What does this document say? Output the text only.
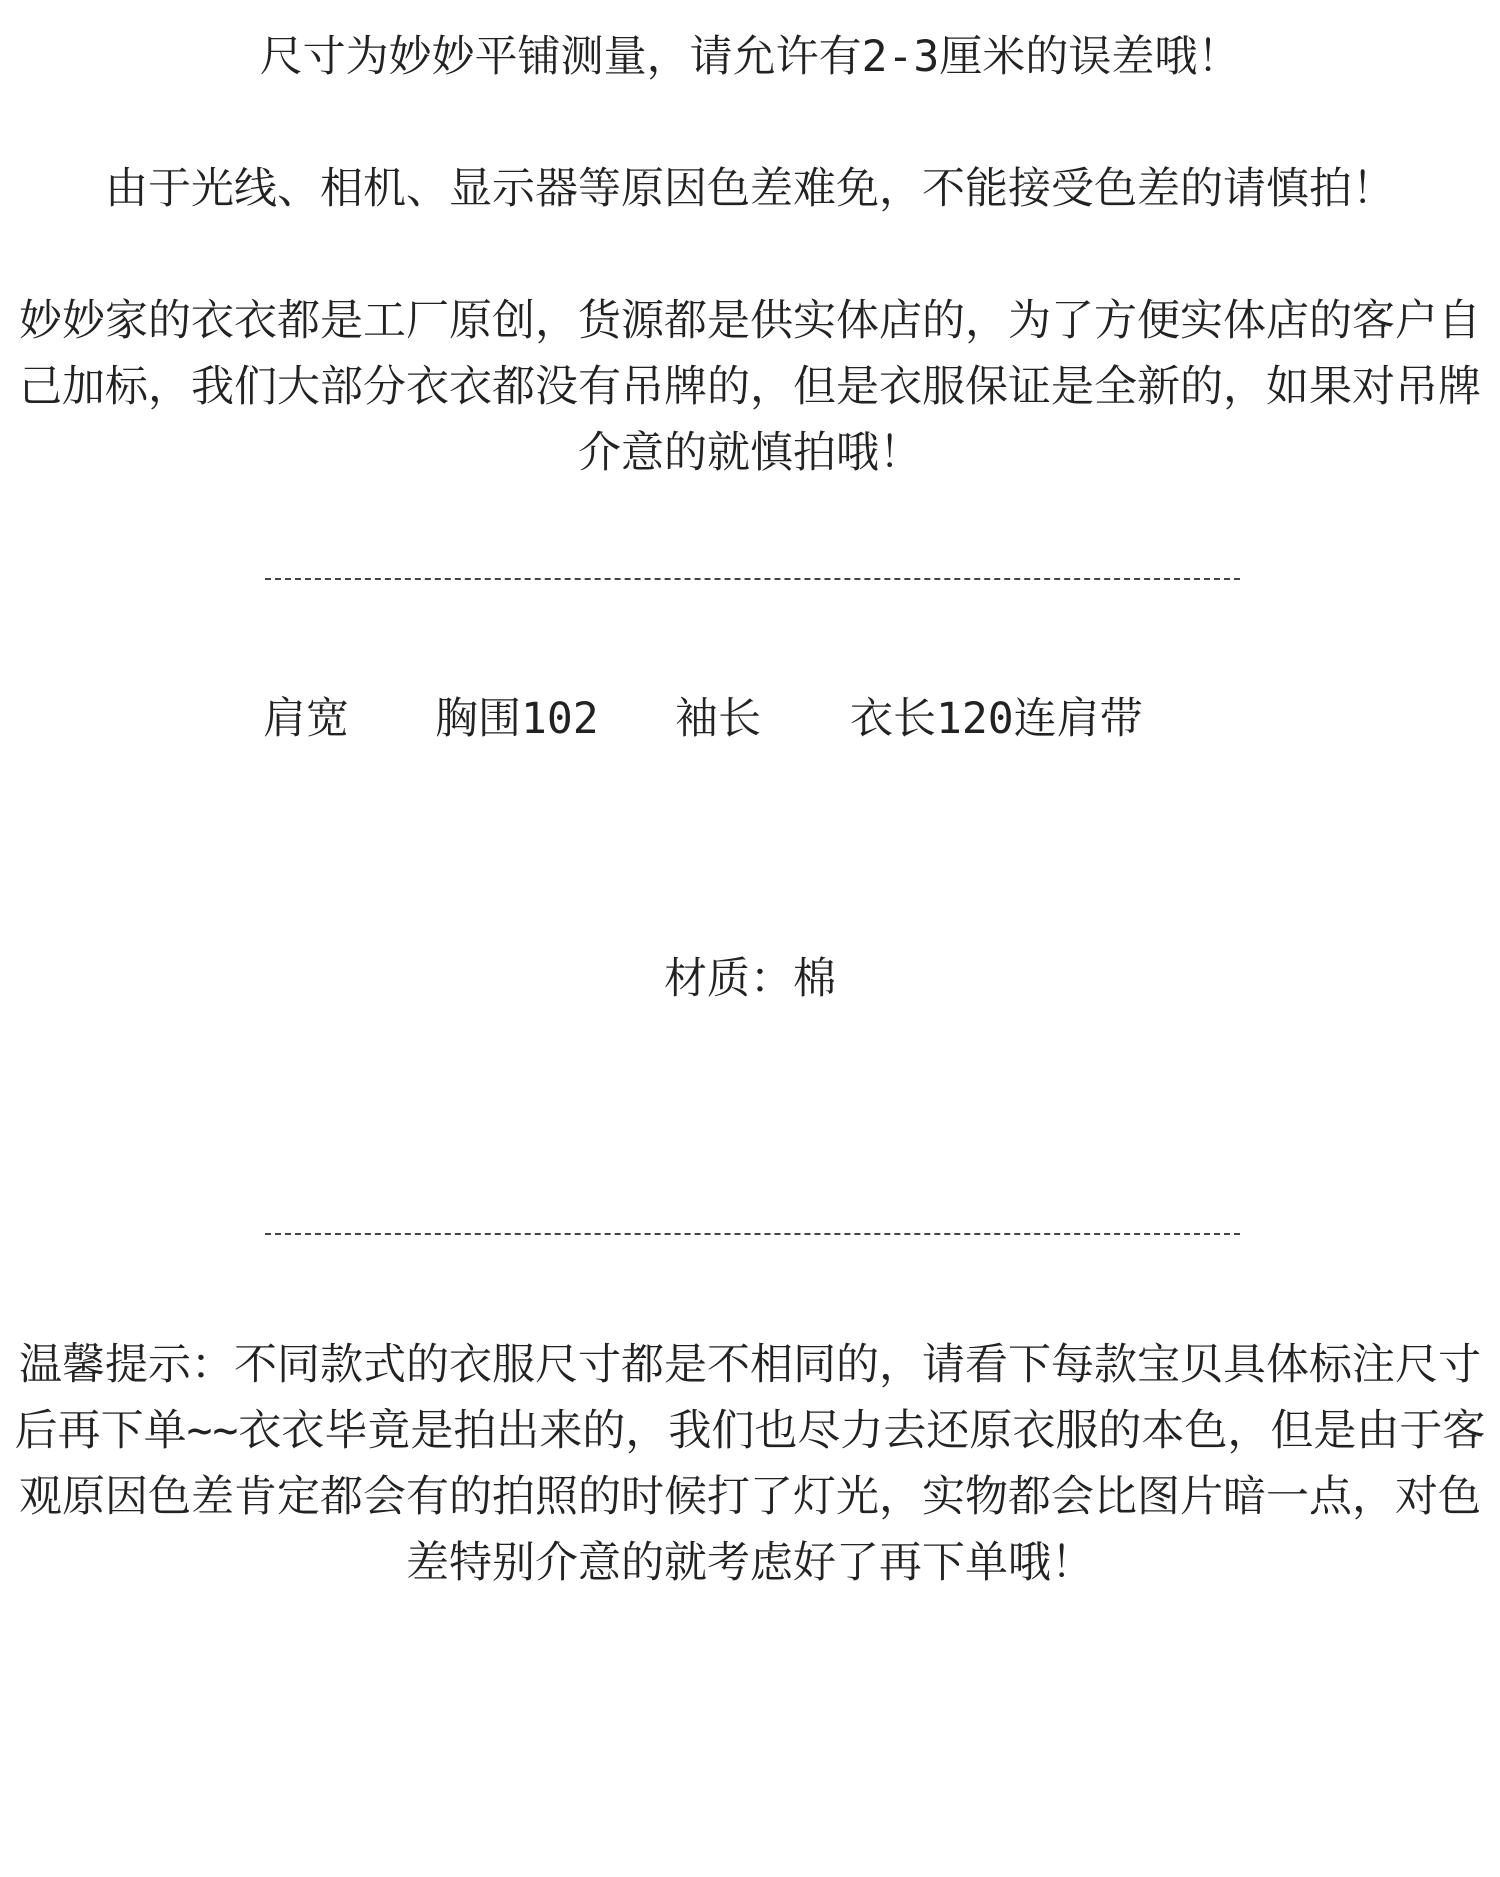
尺寸为妙妙平铺测量，请允许有2-3厘米的误差哦！

由于光线、相机、显示器等原因色差难免，不能接受色差的请慎拍！

妙妙家的衣衣都是工厂原创，货源都是供实体店的，为了方便实体店的客户自
己加标，我们大部分衣衣都没有吊牌的，但是衣服保证是全新的，如果对吊牌
介意的就慎拍哦！

肩宽 胸围102 袖长 衣长120连肩带

材质：棉

温馨提示：不同款式的衣服尺寸都是不相同的，请看下每款宝贝具体标注尺寸
后再下单~~衣衣毕竟是拍出来的，我们也尽力去还原衣服的本色，但是由于客
观原因色差肯定都会有的拍照的时候打了灯光，实物都会比图片暗一点，对色
差特别介意的就考虑好了再下单哦！
